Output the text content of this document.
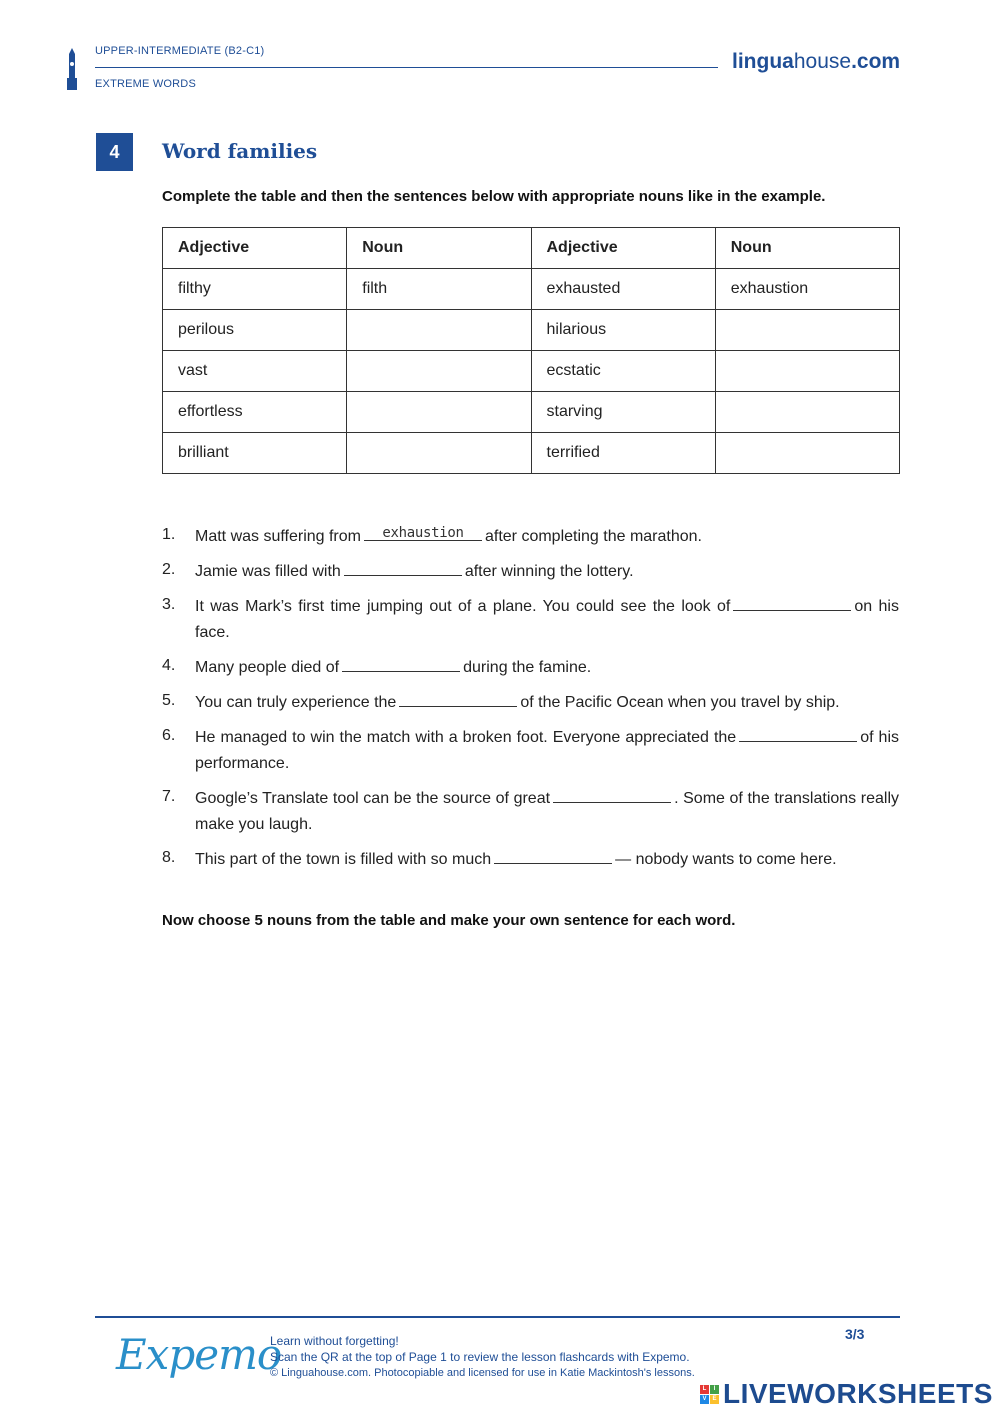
UPPER-INTERMEDIATE (B2-C1)
EXTREME WORDS
linguahouse.com
4	Word families
Complete the table and then the sentences below with appropriate nouns like in the example.
Adjective	Noun	Adjective	Noun
filthy	filth	exhausted	exhaustion
perilous		hilarious	
vast		ecstatic	
effortless		starving	
brilliant		terrified	
1.	Matt was suffering from	exhaustion	after completing the marathon.
2.	Jamie was filled with	after winning the lottery.
3.	It was Mark’s first time jumping out of a plane. You could see the look of	on his face.
4.	Many people died of	during the famine.
5.	You can truly experience the	of the Pacific Ocean when you travel by ship.
6.	He managed to win the match with a broken foot. Everyone appreciated the	of his performance.
7.	Google’s Translate tool can be the source of great	. Some of the translations really make you laugh.
8.	This part of the town is filled with so much	— nobody wants to come here.
Now choose 5 nouns from the table and make your own sentence for each word.
Expemo
Learn without forgetting!
Scan the QR at the top of Page 1 to review the lesson flashcards with Expemo.
© Linguahouse.com. Photocopiable and licensed for use in Katie Mackintosh's lessons.
3/3
L	I
V E LIVEWORKSHEETS
